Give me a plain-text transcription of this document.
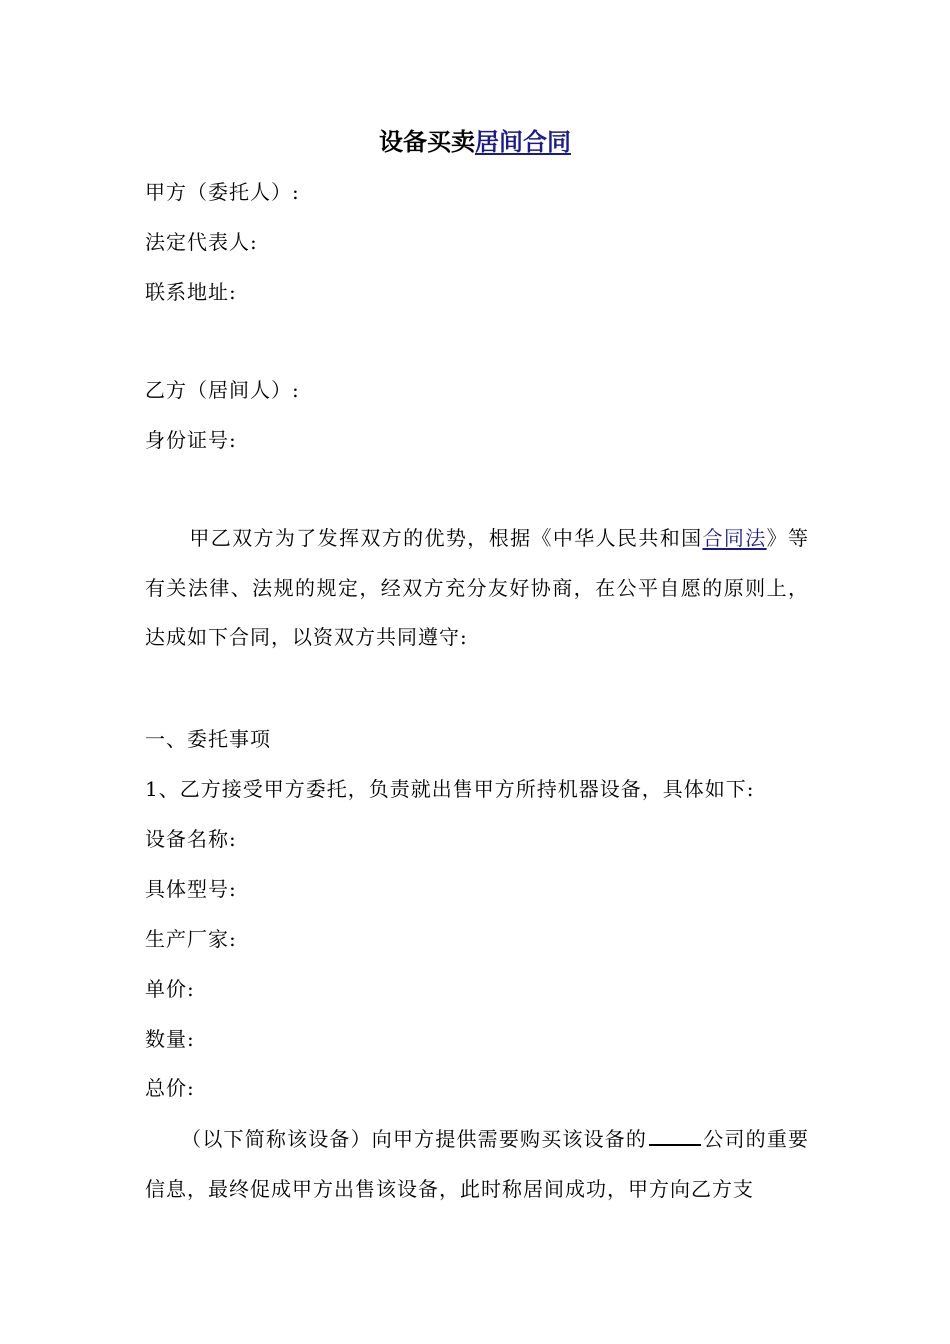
设备买卖居间合同
甲方（委托人）:
法定代表人:
联系地址:
乙方（居间人）:
身份证号:
甲乙双方为了发挥双方的优势，根据《中华人民共和国合同法》等有关法律、法规的规定，经双方充分友好协商，在公平自愿的原则上，达成如下合同，以资双方共同遵守:
一、委托事项
1、乙方接受甲方委托，负责就出售甲方所持机器设备，具体如下:
设备名称:
具体型号:
生产厂家:
单价:
数量:
总价:
（以下简称该设备）向甲方提供需要购买该设备的	公司的重要信息，最终促成甲方出售该设备，此时称居间成功，甲方向乙方支
